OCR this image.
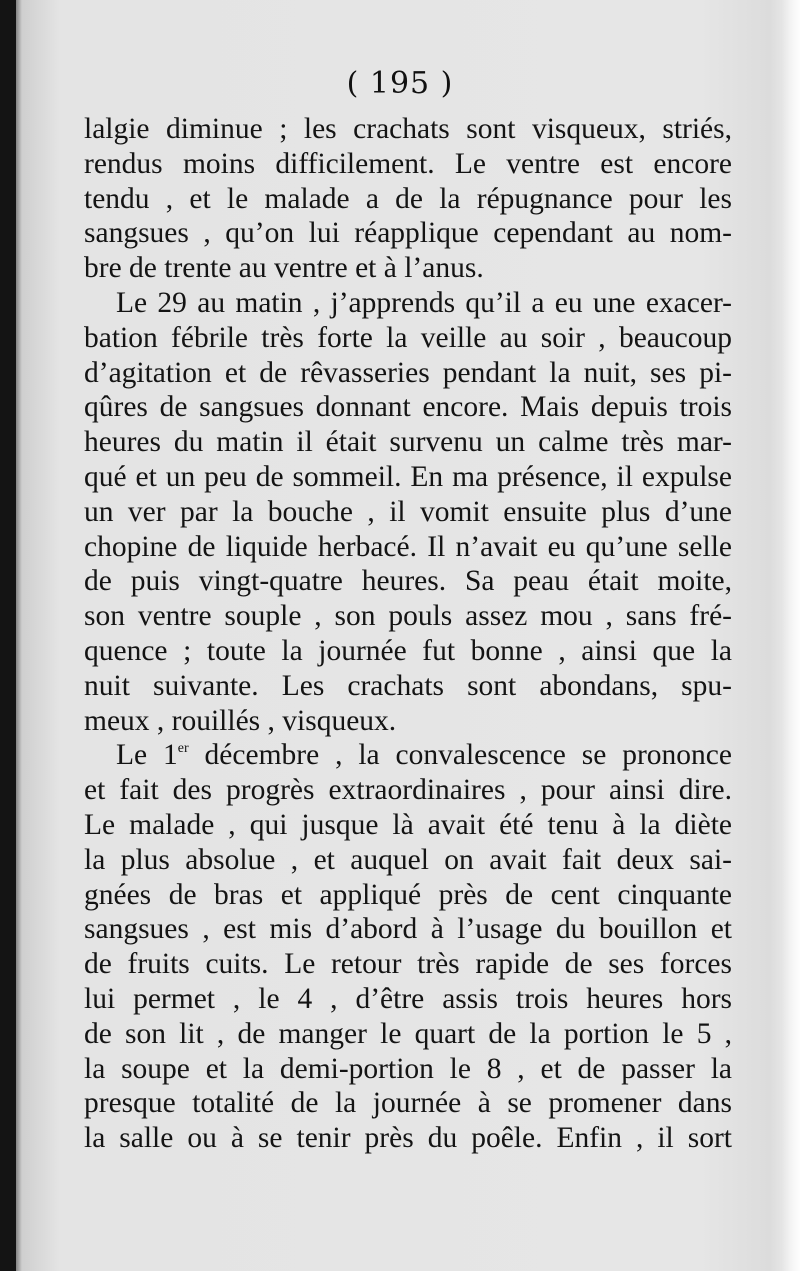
( 195 )
lalgie diminue ; les crachats sont visqueux, striés,
rendus moins difficilement. Le ventre est encore
tendu , et le malade a de la répugnance pour les
sangsues , qu’on lui réapplique cependant au nom-
bre de trente au ventre et à l’anus.
Le 29 au matin , j’apprends qu’il a eu une exacer-
bation fébrile très forte la veille au soir , beaucoup
d’agitation et de rêvasseries pendant la nuit, ses pi-
qûres de sangsues donnant encore. Mais depuis trois
heures du matin il était survenu un calme très mar-
qué et un peu de sommeil. En ma présence, il expulse
un ver par la bouche , il vomit ensuite plus d’une
chopine de liquide herbacé. Il n’avait eu qu’une selle
de puis vingt-quatre heures. Sa peau était moite,
son ventre souple , son pouls assez mou , sans fré-
quence ; toute la journée fut bonne , ainsi que la
nuit suivante. Les crachats sont abondans, spu-
meux , rouillés , visqueux.
Le 1er décembre , la convalescence se prononce
et fait des progrès extraordinaires , pour ainsi dire.
Le malade , qui jusque là avait été tenu à la diète
la plus absolue , et auquel on avait fait deux sai-
gnées de bras et appliqué près de cent cinquante
sangsues , est mis d’abord à l’usage du bouillon et
de fruits cuits. Le retour très rapide de ses forces
lui permet , le 4 , d’être assis trois heures hors
de son lit , de manger le quart de la portion le 5 ,
la soupe et la demi-portion le 8 , et de passer la
presque totalité de la journée à se promener dans
la salle ou à se tenir près du poêle. Enfin , il sort
